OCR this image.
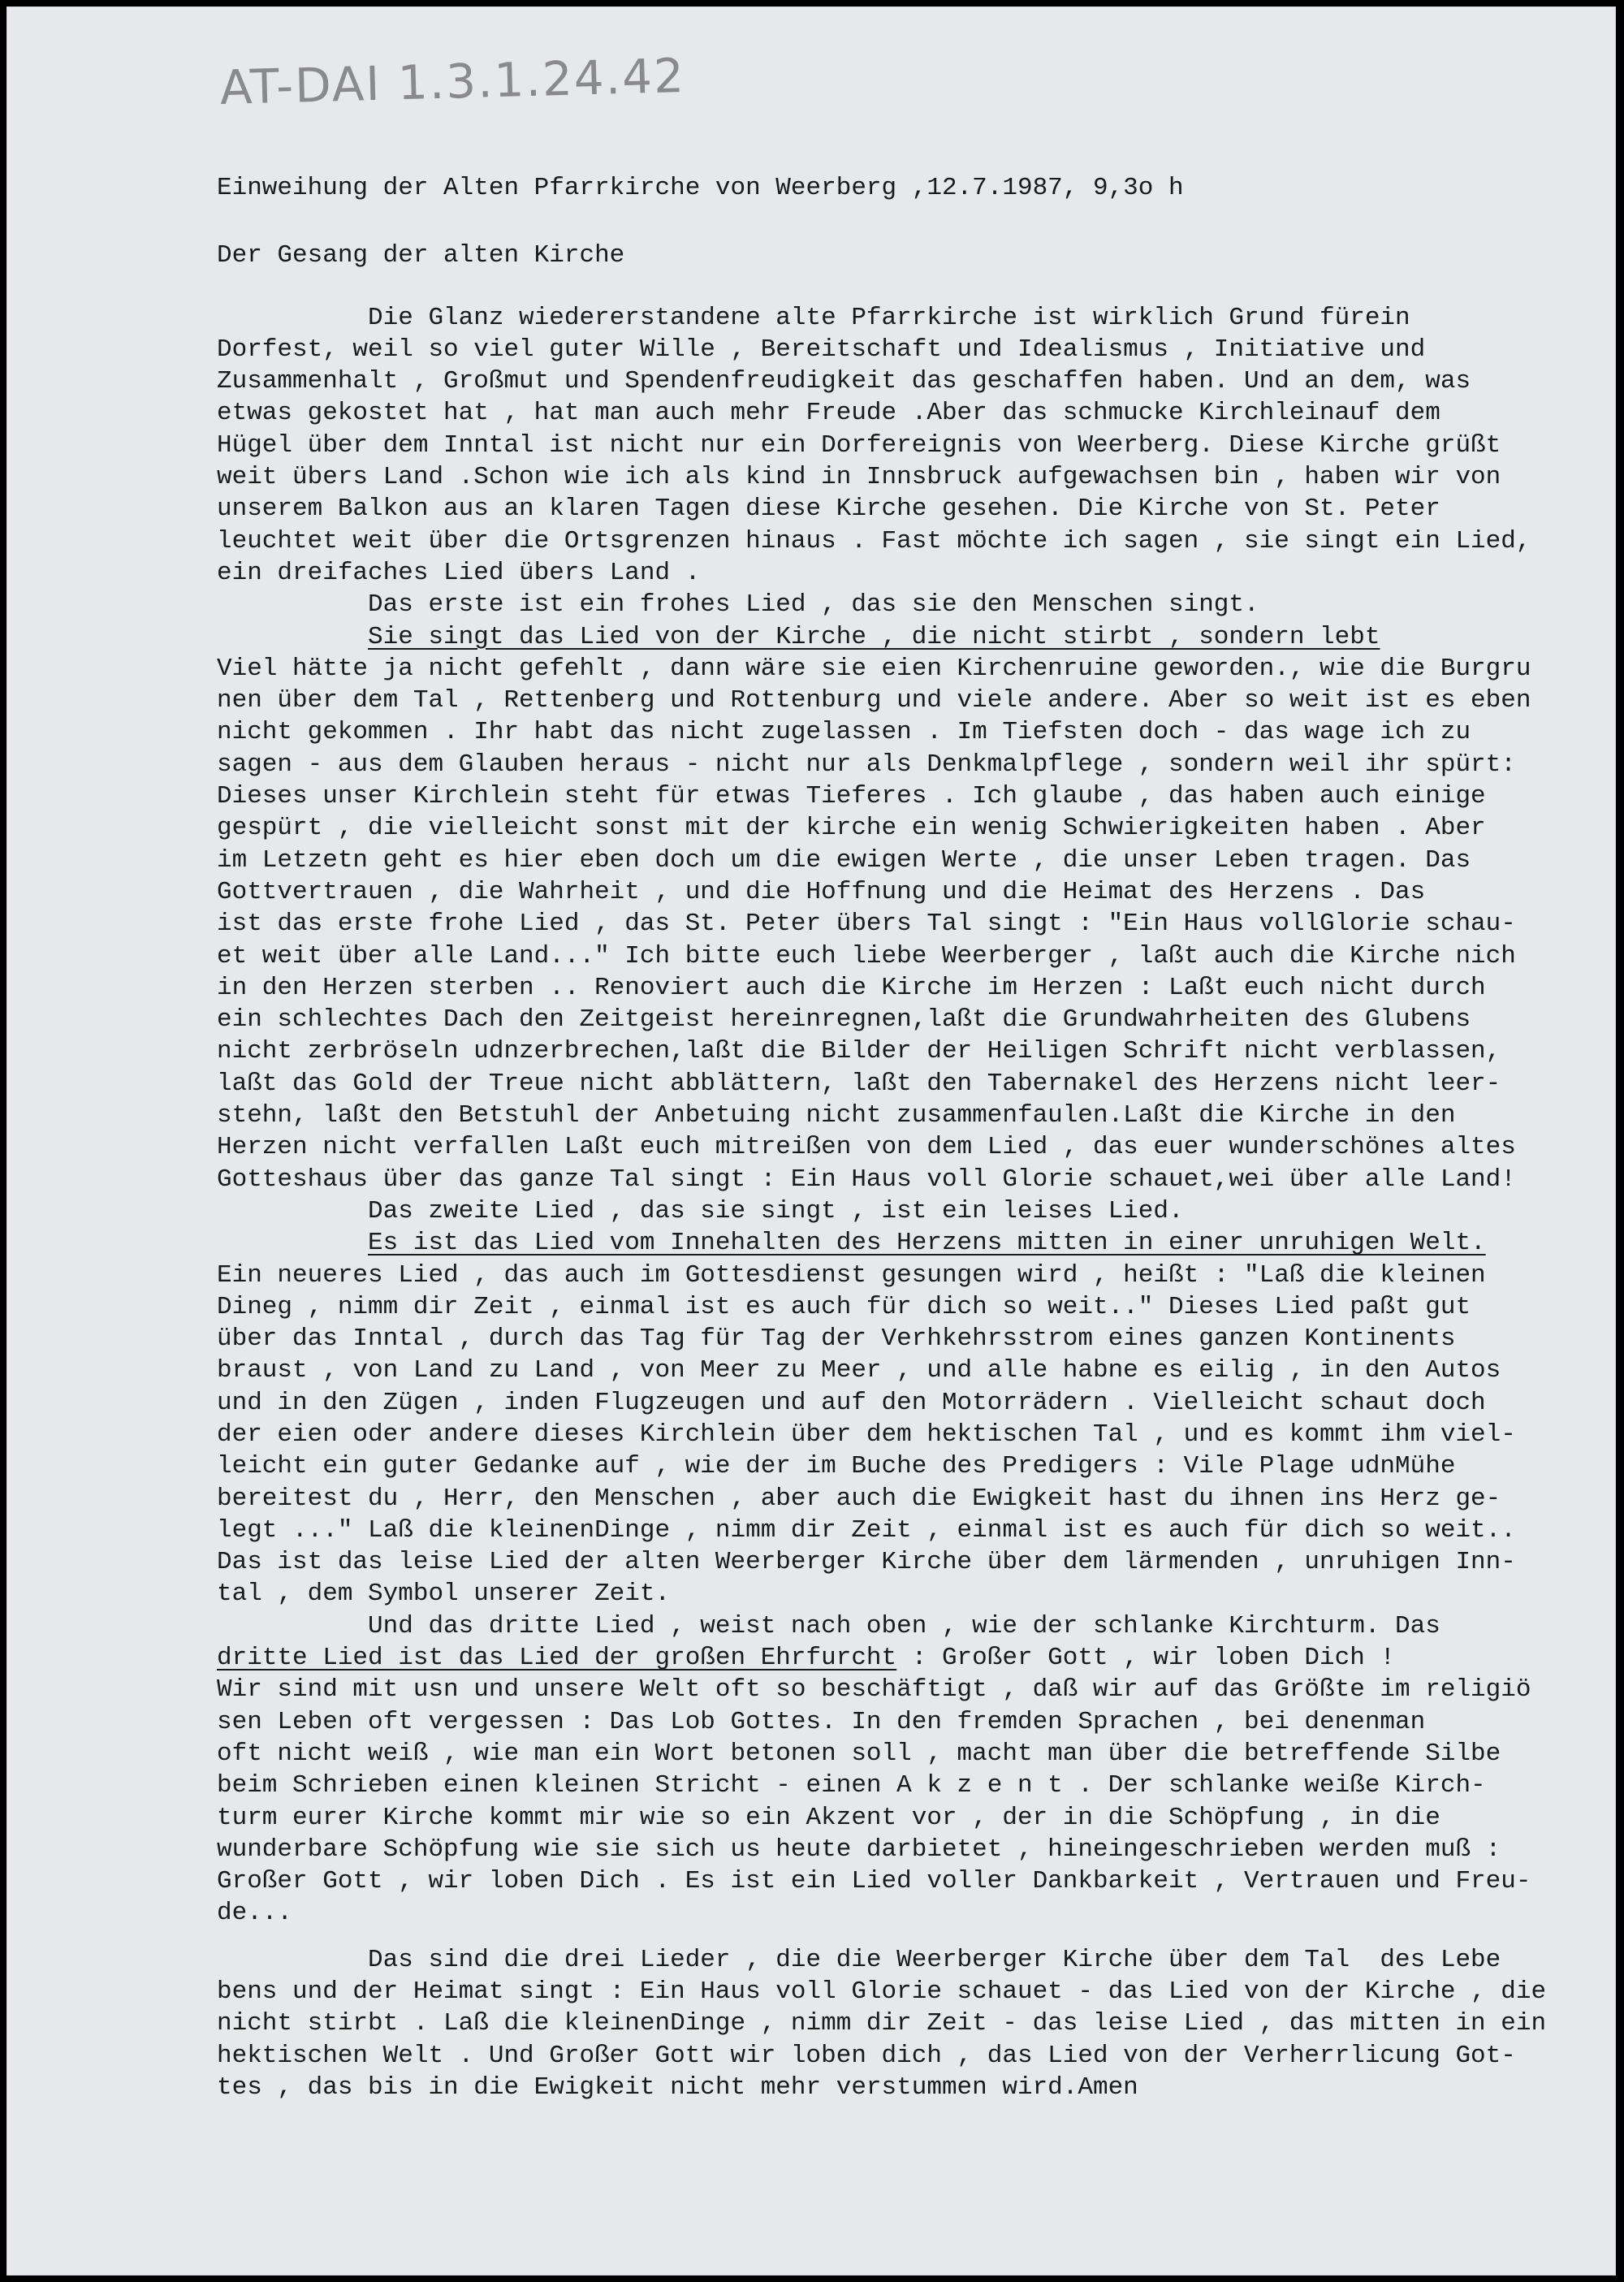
AT-DAI 1.3.1.24.42
Einweihung der Alten Pfarrkirche von Weerberg ,12.7.1987, 9,3o h
Der Gesang der alten Kirche
Die Glanz wiedererstandene alte Pfarrkirche ist wirklich Grund fürein
Dorfest, weil so viel guter Wille , Bereitschaft und Idealismus , Initiative und
Zusammenhalt , Großmut und Spendenfreudigkeit das geschaffen haben. Und an dem, was
etwas gekostet hat , hat man auch mehr Freude .Aber das schmucke Kirchleinauf dem
Hügel über dem Inntal ist nicht nur ein Dorfereignis von Weerberg. Diese Kirche grüßt
weit übers Land .Schon wie ich als kind in Innsbruck aufgewachsen bin , haben wir von
unserem Balkon aus an klaren Tagen diese Kirche gesehen. Die Kirche von St. Peter
leuchtet weit über die Ortsgrenzen hinaus . Fast möchte ich sagen , sie singt ein Lied,
ein dreifaches Lied übers Land .
Das erste ist ein frohes Lied , das sie den Menschen singt.
Sie singt das Lied von der Kirche , die nicht stirbt , sondern lebt
Viel hätte ja nicht gefehlt , dann wäre sie eien Kirchenruine geworden., wie die Burgru
nen über dem Tal , Rettenberg und Rottenburg und viele andere. Aber so weit ist es eben
nicht gekommen . Ihr habt das nicht zugelassen . Im Tiefsten doch - das wage ich zu
sagen - aus dem Glauben heraus - nicht nur als Denkmalpflege , sondern weil ihr spürt:
Dieses unser Kirchlein steht für etwas Tieferes . Ich glaube , das haben auch einige
gespürt , die vielleicht sonst mit der kirche ein wenig Schwierigkeiten haben . Aber
im Letzetn geht es hier eben doch um die ewigen Werte , die unser Leben tragen. Das
Gottvertrauen , die Wahrheit , und die Hoffnung und die Heimat des Herzens . Das
ist das erste frohe Lied , das St. Peter übers Tal singt : "Ein Haus vollGlorie schau-
et weit über alle Land..." Ich bitte euch liebe Weerberger , laßt auch die Kirche nich
in den Herzen sterben .. Renoviert auch die Kirche im Herzen : Laßt euch nicht durch
ein schlechtes Dach den Zeitgeist hereinregnen,laßt die Grundwahrheiten des Glubens
nicht zerbröseln udnzerbrechen,laßt die Bilder der Heiligen Schrift nicht verblassen,
laßt das Gold der Treue nicht abblättern, laßt den Tabernakel des Herzens nicht leer-
stehn, laßt den Betstuhl der Anbetuing nicht zusammenfaulen.Laßt die Kirche in den
Herzen nicht verfallen Laßt euch mitreißen von dem Lied , das euer wunderschönes altes
Gotteshaus über das ganze Tal singt : Ein Haus voll Glorie schauet,wei über alle Land!
Das zweite Lied , das sie singt , ist ein leises Lied.
Es ist das Lied vom Innehalten des Herzens mitten in einer unruhigen Welt.
Ein neueres Lied , das auch im Gottesdienst gesungen wird , heißt : "Laß die kleinen
Dineg , nimm dir Zeit , einmal ist es auch für dich so weit.." Dieses Lied paßt gut
über das Inntal , durch das Tag für Tag der Verhkehrsstrom eines ganzen Kontinents
braust , von Land zu Land , von Meer zu Meer , und alle habne es eilig , in den Autos
und in den Zügen , inden Flugzeugen und auf den Motorrädern . Vielleicht schaut doch
der eien oder andere dieses Kirchlein über dem hektischen Tal , und es kommt ihm viel-
leicht ein guter Gedanke auf , wie der im Buche des Predigers : Vile Plage udnMühe
bereitest du , Herr, den Menschen , aber auch die Ewigkeit hast du ihnen ins Herz ge-
legt ..." Laß die kleinenDinge , nimm dir Zeit , einmal ist es auch für dich so weit..
Das ist das leise Lied der alten Weerberger Kirche über dem lärmenden , unruhigen Inn-
tal , dem Symbol unserer Zeit.
Und das dritte Lied , weist nach oben , wie der schlanke Kirchturm. Das
dritte Lied ist das Lied der großen Ehrfurcht : Großer Gott , wir loben Dich !
Wir sind mit usn und unsere Welt oft so beschäftigt , daß wir auf das Größte im religiö
sen Leben oft vergessen : Das Lob Gottes. In den fremden Sprachen , bei denenman
oft nicht weiß , wie man ein Wort betonen soll , macht man über die betreffende Silbe
beim Schrieben einen kleinen Stricht - einen A k z e n t . Der schlanke weiße Kirch-
turm eurer Kirche kommt mir wie so ein Akzent vor , der in die Schöpfung , in die
wunderbare Schöpfung wie sie sich us heute darbietet , hineingeschrieben werden muß :
Großer Gott , wir loben Dich . Es ist ein Lied voller Dankbarkeit , Vertrauen und Freu-
de...
Das sind die drei Lieder , die die Weerberger Kirche über dem Tal  des Lebe
bens und der Heimat singt : Ein Haus voll Glorie schauet - das Lied von der Kirche , die
nicht stirbt . Laß die kleinenDinge , nimm dir Zeit - das leise Lied , das mitten in ein
hektischen Welt . Und Großer Gott wir loben dich , das Lied von der Verherrlicung Got-
tes , das bis in die Ewigkeit nicht mehr verstummen wird.Amen
